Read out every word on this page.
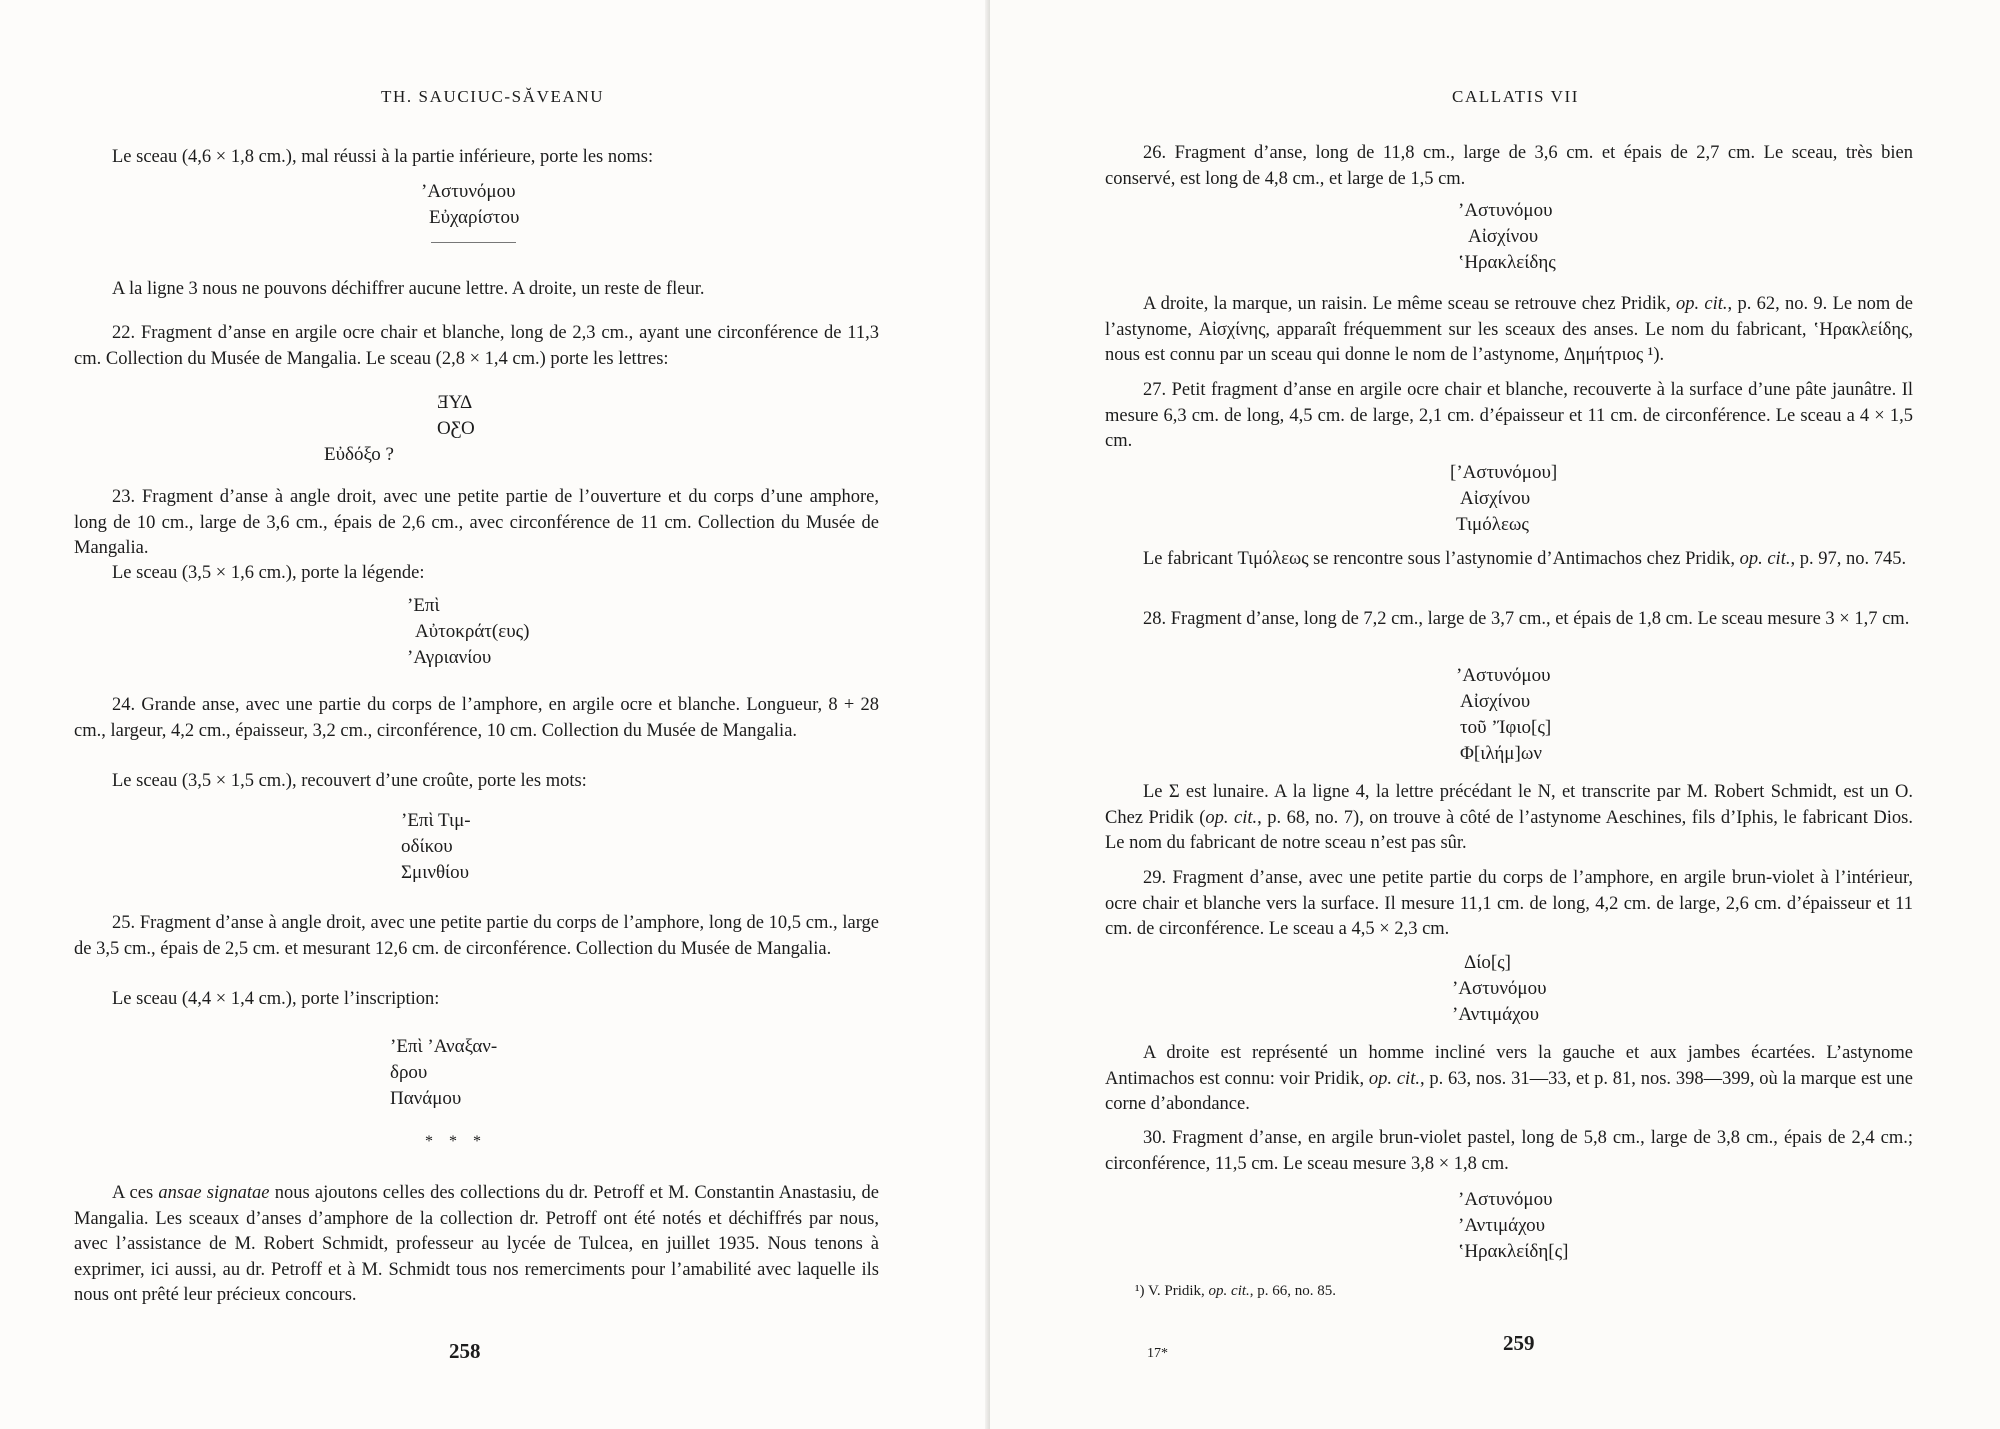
TH. SAUCIUC-SĂVEANU

Le sceau (4,6 × 1,8 cm.), mal réussi à la partie inférieure, porte les noms:

ʼΑστυνόμου
Εὐχαρίστου

A la ligne 3 nous ne pouvons déchiffrer aucune lettre. A droite, un reste de fleur.

22. Fragment d’anse en argile ocre chair et blanche, long de 2,3 cm., ayant une circonférence de 11,3 cm. Collection du Musée de Mangalia. Le sceau (2,8 × 1,4 cm.) porte les lettres:

ƎΥΔ
OƸO
Εὐδόξο ?

23. Fragment d’anse à angle droit, avec une petite partie de l’ouverture et du corps d’une amphore, long de 10 cm., large de 3,6 cm., épais de 2,6 cm., avec circonférence de 11 cm. Collection du Musée de Mangalia.

Le sceau (3,5 × 1,6 cm.), porte la légende:

ʼΕπὶ
Αὐτοκράτ(ευς)
ʼΑγριανίου

24. Grande anse, avec une partie du corps de l’amphore, en argile ocre et blanche. Longueur, 8 + 28 cm., largeur, 4,2 cm., épaisseur, 3,2 cm., circonférence, 10 cm. Collection du Musée de Mangalia.

Le sceau (3,5 × 1,5 cm.), recouvert d’une croûte, porte les mots:

ʼΕπὶ Τιμ-
οδίκου
Σμινθίου

25. Fragment d’anse à angle droit, avec une petite partie du corps de l’amphore, long de 10,5 cm., large de 3,5 cm., épais de 2,5 cm. et mesurant 12,6 cm. de circonférence. Collection du Musée de Mangalia.

Le sceau (4,4 × 1,4 cm.), porte l’inscription:

ʼΕπὶ ʼΑναξαν-
δρου
Πανάμου
* * *

A ces ansae signatae nous ajoutons celles des collections du dr. Petroff et M. Constantin Anastasiu, de Mangalia. Les sceaux d’anses d’amphore de la collection dr. Petroff ont été notés et déchiffrés par nous, avec l’assistance de M. Robert Schmidt, professeur au lycée de Tulcea, en juillet 1935. Nous tenons à exprimer, ici aussi, au dr. Petroff et à M. Schmidt tous nos remerciments pour l’amabilité avec laquelle ils nous ont prêté leur précieux concours.

258
CALLATIS VII

26. Fragment d’anse, long de 11,8 cm., large de 3,6 cm. et épais de 2,7 cm. Le sceau, très bien conservé, est long de 4,8 cm., et large de 1,5 cm.

ʼΑστυνόμου
Αἰσχίνου
ʽΗρακλείδης

A droite, la marque, un raisin. Le même sceau se retrouve chez Pridik, op. cit., p. 62, no. 9. Le nom de l’astynome, Αἰσχίνης, apparaît fréquemment sur les sceaux des anses. Le nom du fabricant, ʽΗρακλείδης, nous est connu par un sceau qui donne le nom de l’astynome, Δημήτριος ¹).

27. Petit fragment d’anse en argile ocre chair et blanche, recouverte à la surface d’une pâte jaunâtre. Il mesure 6,3 cm. de long, 4,5 cm. de large, 2,1 cm. d’épaisseur et 11 cm. de circonférence. Le sceau a 4 × 1,5 cm.

[ʼΑστυνόμου]
Αἰσχίνου
Τιμόλεως

Le fabricant Τιμόλεως se rencontre sous l’astynomie d’Antimachos chez Pridik, op. cit., p. 97, no. 745.

28. Fragment d’anse, long de 7,2 cm., large de 3,7 cm., et épais de 1,8 cm. Le sceau mesure 3 × 1,7 cm.

ʼΑστυνόμου
Αἰσχίνου
τοῦ ʼΊφιο[ς]
Φ[ιλήμ]ων

Le Σ est lunaire. A la ligne 4, la lettre précédant le N, et transcrite par M. Robert Schmidt, est un O. Chez Pridik (op. cit., p. 68, no. 7), on trouve à côté de l’astynome Aeschines, fils d’Iphis, le fabricant Dios. Le nom du fabricant de notre sceau n’est pas sûr.

29. Fragment d’anse, avec une petite partie du corps de l’amphore, en argile brun-violet à l’intérieur, ocre chair et blanche vers la surface. Il mesure 11,1 cm. de long, 4,2 cm. de large, 2,6 cm. d’épaisseur et 11 cm. de circonférence. Le sceau a 4,5 × 2,3 cm.

Δίο[ς]
ʼΑστυνόμου
ʼΑντιμάχου

A droite est représenté un homme incliné vers la gauche et aux jambes écartées. L’astynome Antimachos est connu: voir Pridik, op. cit., p. 63, nos. 31—33, et p. 81, nos. 398—399, où la marque est une corne d’abondance.

30. Fragment d’anse, en argile brun-violet pastel, long de 5,8 cm., large de 3,8 cm., épais de 2,4 cm.; circonférence, 11,5 cm. Le sceau mesure 3,8 × 1,8 cm.

ʼΑστυνόμου
ʼΑντιμάχου
ʽΗρακλείδη[ς]
¹) V. Pridik, op. cit., p. 66, no. 85.
17*	259
